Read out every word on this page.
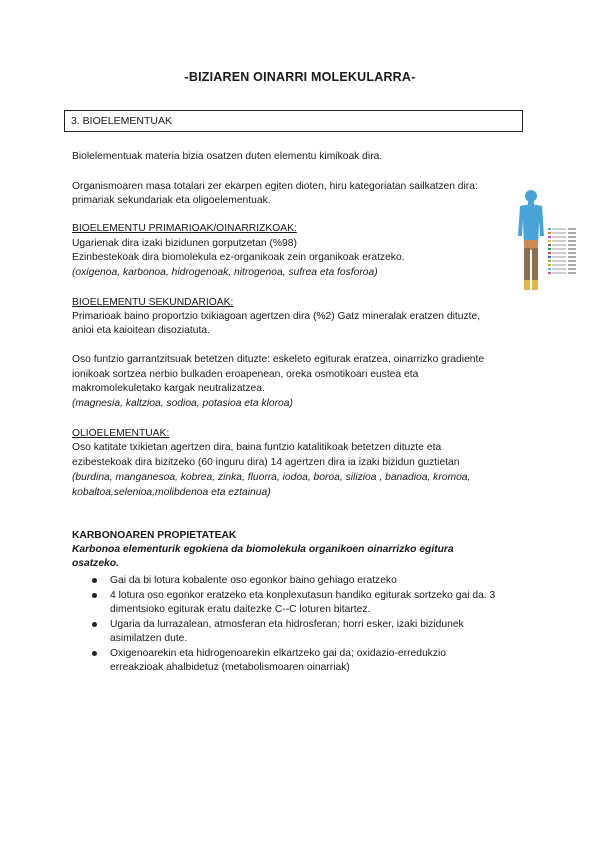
-BIZIAREN OINARRI MOLEKULARRA-
3. BIOELEMENTUAK
Biolelementuak materia bizia osatzen duten elementu kimikoak dira.
Organismoaren masa totalari zer ekarpen egiten dioten, hiru kategoriatan sailkatzen dira:
primariak sekundariak eta oligoelementuak.
BIOELEMENTU PRIMARIOAK/OINARRIZKOAK:
Ugarienak dira izaki bizidunen gorputzetan (%98)
Ezinbestekoak dira biomolekula ez-organikoak zein organikoak eratzeko.
(oxigenoa, karbonoa, hidrogenoak, nitrogenoa, sufrea eta fosforoa)
BIOELEMENTU SEKUNDARIOAK:
Primarioak baino proportzio txikiagoan agertzen dira (%2) Gatz mineralak eratzen dituzte,
anioi eta kaioitean disoziatuta.
Oso funtzio garrantzitsuak betetzen dituzte: eskeleto egiturak eratzea, oinarrizko gradiente
ionikoak sortzea nerbio bulkaden eroapenean, oreka osmotikoari eustea eta
makromolekuletako kargak neutralizatzea.
(magnesia, kaltzioa, sodioa, potasioa eta kloroa)
OLIOELEMENTUAK:
Oso katitate txikietan agertzen dira, baina funtzio katalitikoak betetzen dituzte eta
ezibestekoak dira bizitzeko (60 inguru dira) 14 agertzen dira ia izaki bizidun guztietan
(burdina, manganesoa, kobrea, zinka, fluorra, iodoa, boroa, silizioa , banadioa, kromoa,
kobaltoa,selenioa,molibdenoa eta eztainua)
KARBONOAREN PROPIETATEAK
Karbonoa elementurik egokiena da biomolekula organikoen oinarrizko egitura
osatzeko.
Gai da bi lotura kobalente oso egonkor baino gehiago eratzeko
4 lotura oso egonkor eratzeko eta konplexutasun handiko egiturak sortzeko gai da. 3
dimentsioko egiturak eratu daitezke C--C loturen bitartez.
Ugaria da lurrazalean, atmosferan eta hidrosferan; horri esker, izaki bizidunek
asimilatzen dute.
Oxigenoarekin eta hidrogenoarekin elkartzeko gai da; oxidazio-erredukzio
erreakzioak ahalbidetuz (metabolismoaren oinarriak)
